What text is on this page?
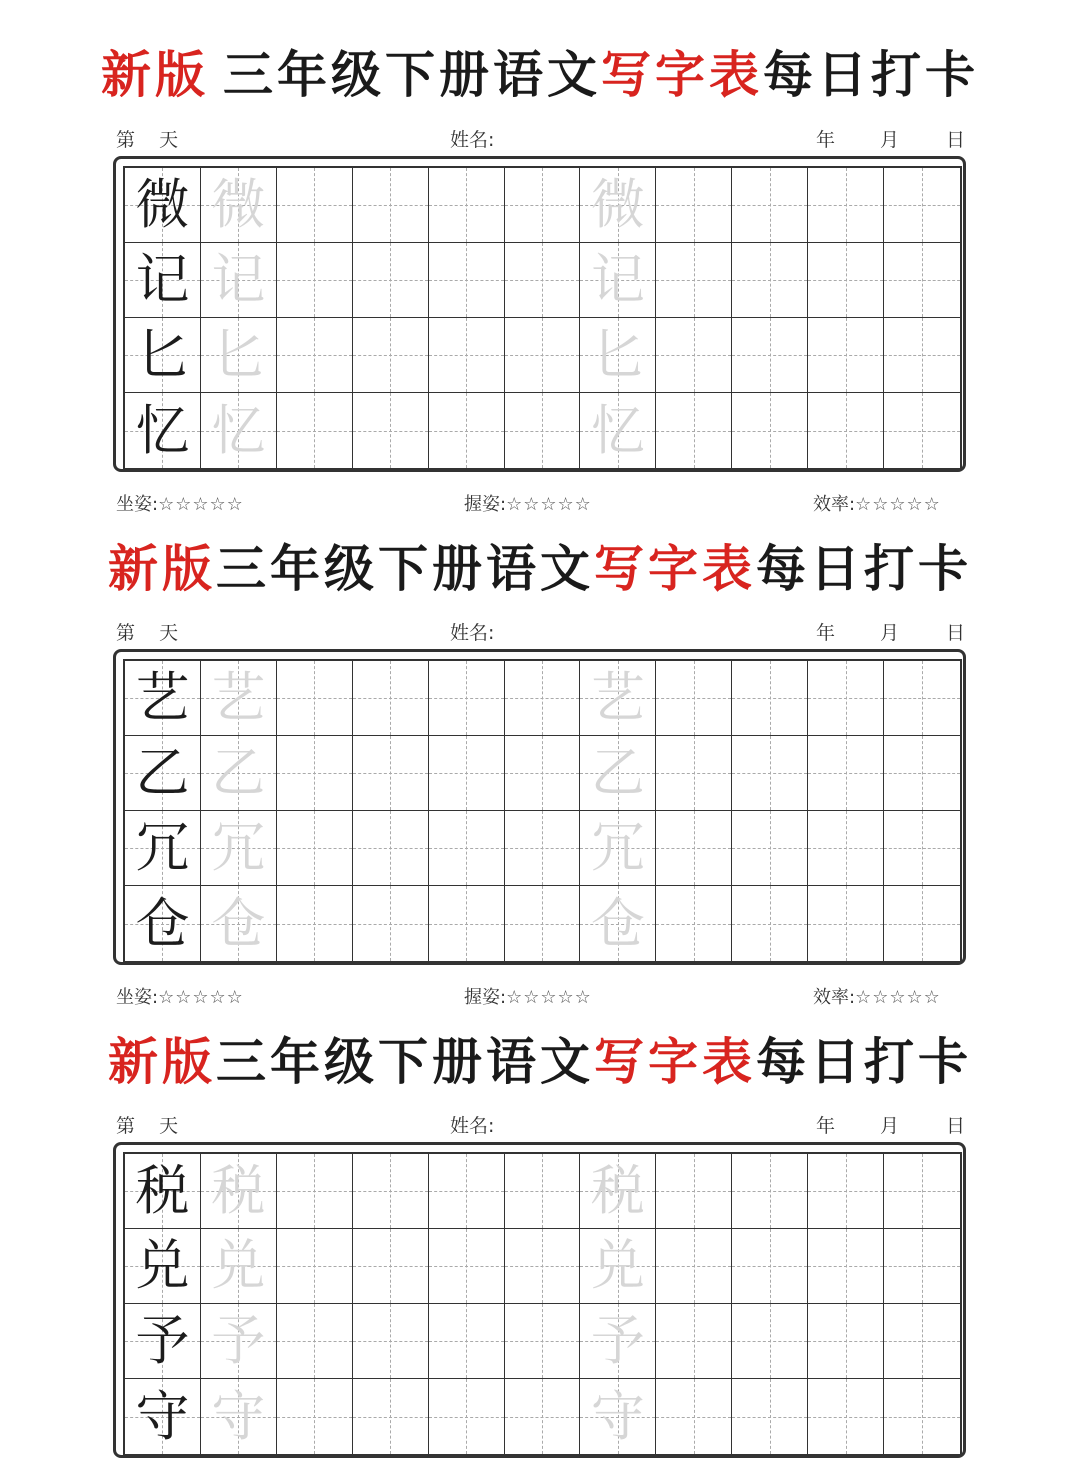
新版 三年级下册语文写字表每日打卡
第    天	姓名:	年 月 日
微 微	微
记 记	记
匕 匕	匕
忆 忆	忆
坐姿:☆☆☆☆☆	握姿:☆☆☆☆☆	效率:☆☆☆☆☆
新版三年级下册语文写字表每日打卡
第    天	姓名:	年 月 日
艺 艺	艺
乙 乙	乙
冗 冗	冗
仓 仓	仓
坐姿:☆☆☆☆☆	握姿:☆☆☆☆☆	效率:☆☆☆☆☆
新版三年级下册语文写字表每日打卡
第    天	姓名:	年 月 日
税 税	税
兑 兑	兑
予 予	予
守 守	守
